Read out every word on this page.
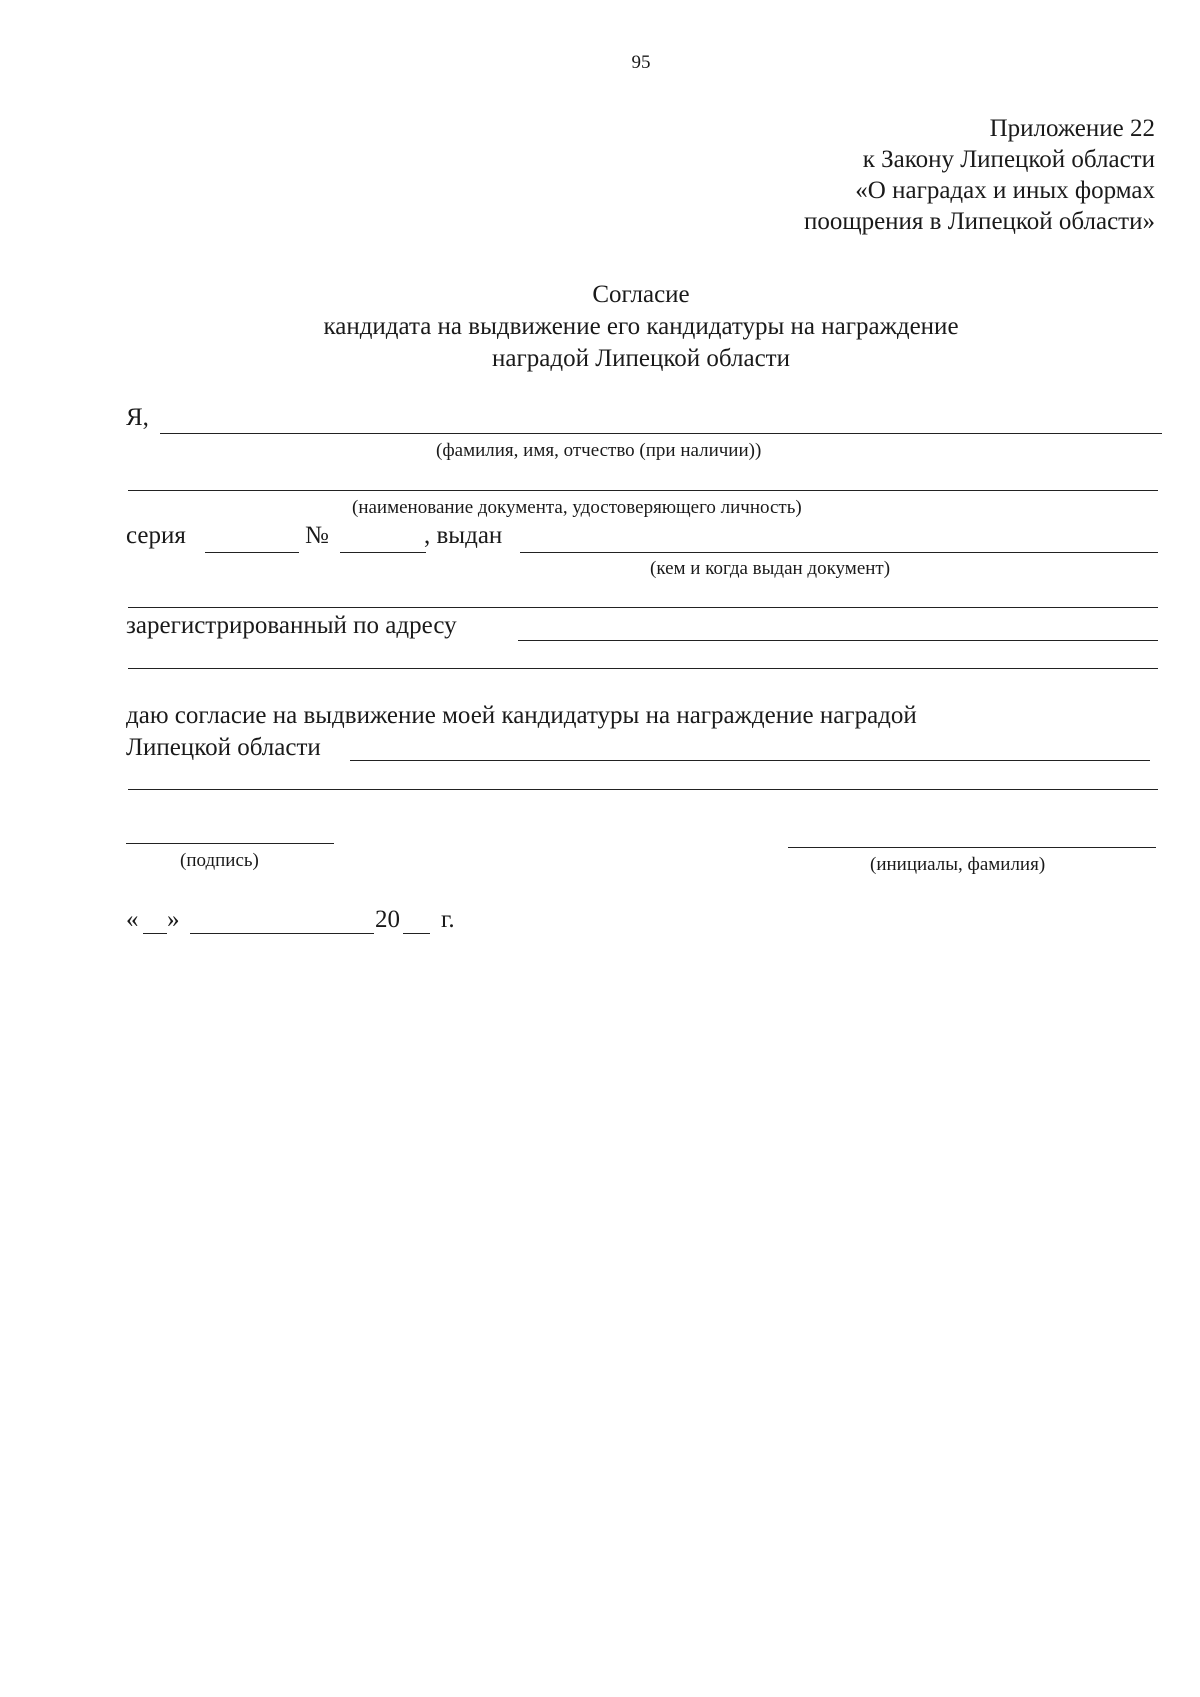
95
Приложение 22
к Закону Липецкой области
«О наградах и иных формах
поощрения в Липецкой области»
Согласие
кандидата на выдвижение его кандидатуры на награждение
наградой Липецкой области
Я,
(фамилия, имя, отчество (при наличии))
(наименование документа, удостоверяющего личность)
серия	№	, выдан
(кем и когда выдан документ)
зарегистрированный по адресу
даю согласие на выдвижение моей кандидатуры на награждение наградой
Липецкой области
(подпись)	(инициалы, фамилия)
« »	20 г.
